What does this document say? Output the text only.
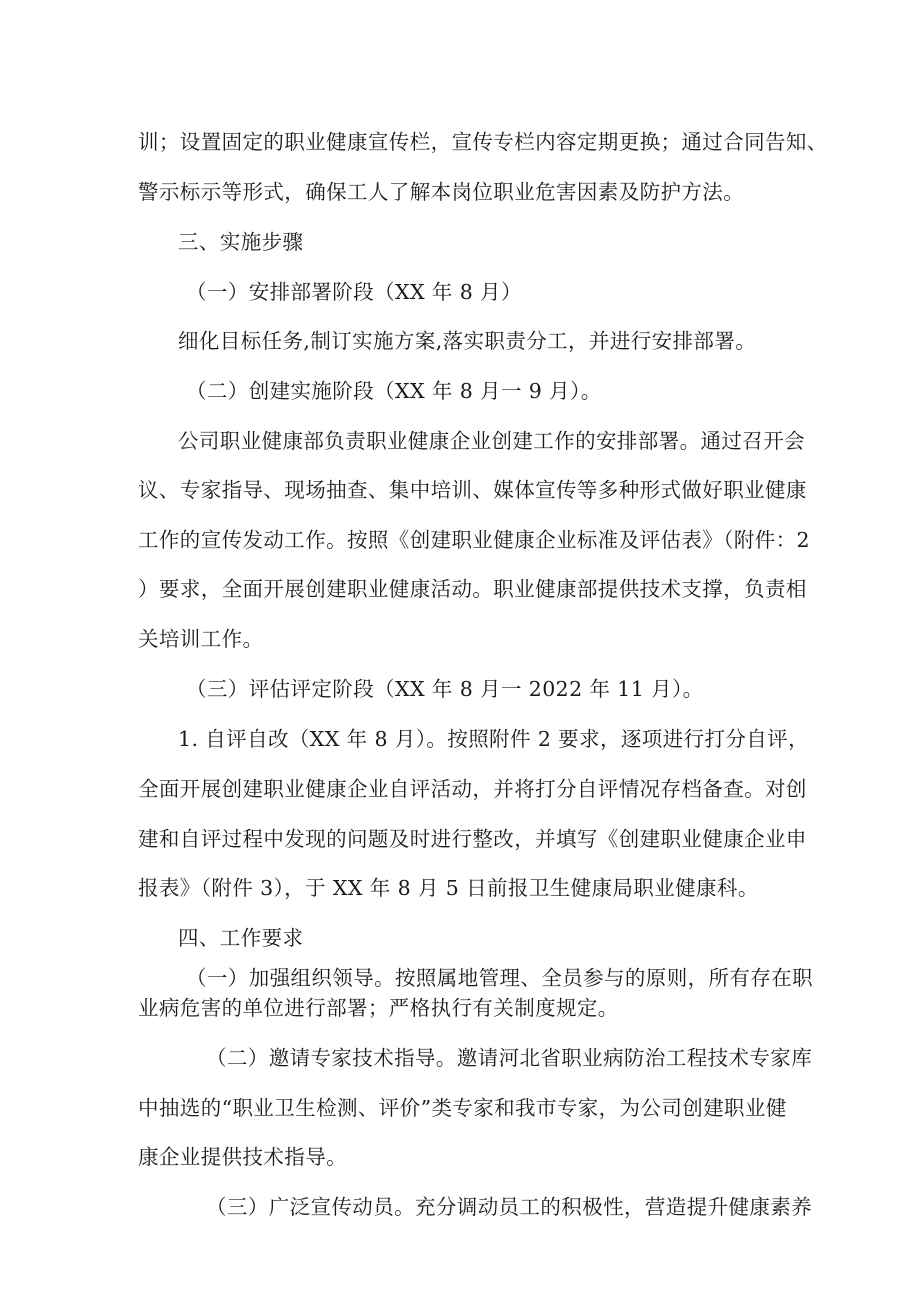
训；设置固定的职业健康宣传栏，宣传专栏内容定期更换；通过合同告知、
警示标示等形式，确保工人了解本岗位职业危害因素及防护方法。
三、实施步骤
（一）安排部署阶段（XX 年 8 月）
细化目标任务,制订实施方案,落实职责分工，并进行安排部署。
（二）创建实施阶段（XX 年 8 月一 9 月）。
公司职业健康部负责职业健康企业创建工作的安排部署。通过召开会
议、专家指导、现场抽查、集中培训、媒体宣传等多种形式做好职业健康
工作的宣传发动工作。按照《创建职业健康企业标准及评估表》（附件：2
）要求，全面开展创建职业健康活动。职业健康部提供技术支撑，负责相
关培训工作。
（三）评估评定阶段（XX 年 8 月一 2022 年 11 月）。
1. 自评自改（XX 年 8 月）。按照附件 2 要求，逐项进行打分自评，
全面开展创建职业健康企业自评活动，并将打分自评情况存档备查。对创
建和自评过程中发现的问题及时进行整改，并填写《创建职业健康企业申
报表》（附件 3），于 XX 年 8 月 5 日前报卫生健康局职业健康科。
四、工作要求
（一）加强组织领导。按照属地管理、全员参与的原则，所有存在职
业病危害的单位进行部署；严格执行有关制度规定。
（二）邀请专家技术指导。邀请河北省职业病防治工程技术专家库
中抽选的“职业卫生检测、评价”类专家和我市专家，为公司创建职业健
康企业提供技术指导。
（三）广泛宣传动员。充分调动员工的积极性，营造提升健康素养
